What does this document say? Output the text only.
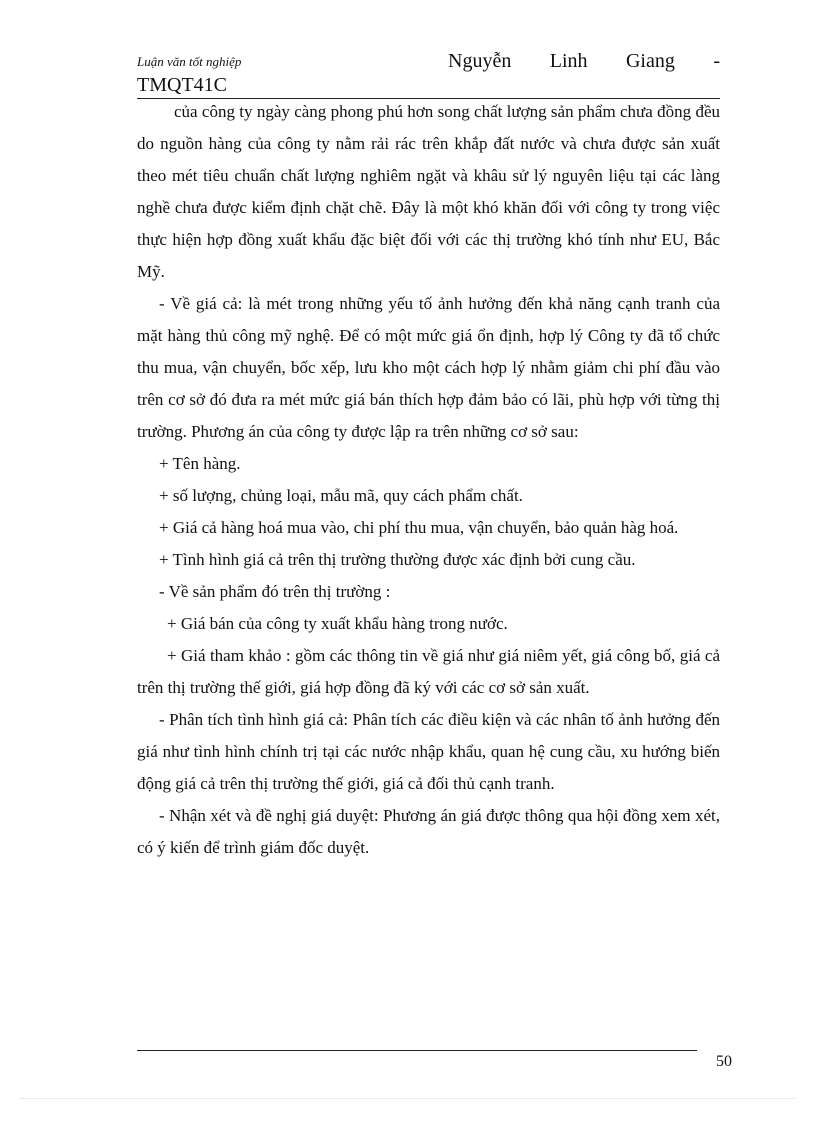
Luận văn tốt nghiệp	Nguyễn Linh Giang -
TMQT41C

của công ty ngày càng phong phú hơn song chất lượng sản phẩm chưa đồng đều do nguồn hàng của công ty nằm rải rác trên khắp đất nước và chưa được sản xuất theo mét tiêu chuẩn chất lượng nghiêm ngặt và khâu sử lý nguyên liệu tại các làng nghề chưa được kiểm định chặt chẽ. Đây là một khó khăn đối với công ty trong việc thực hiện hợp đồng xuất khẩu đặc biệt đối với các thị trường khó tính như EU, Bắc Mỹ.

- Về giá cả: là mét trong những yếu tố ảnh hưởng đến khả năng cạnh tranh của mặt hàng thủ công mỹ nghệ. Để có một mức giá ổn định, hợp lý Công ty đã tổ chức thu mua, vận chuyển, bốc xếp, lưu kho một cách hợp lý nhằm giảm chi phí đầu vào trên cơ sở đó đưa ra mét mức giá bán thích hợp đảm bảo có lãi, phù hợp với từng thị trường. Phương án của công ty được lập ra trên những cơ sở sau:

+ Tên hàng.

+ số lượng, chủng loại, mẫu mã, quy cách phẩm chất.

+ Giá cả hàng hoá mua vào, chi phí thu mua, vận chuyển, bảo quản hàg hoá.

+ Tình hình giá cả trên thị trường thường được xác định bởi cung cầu.

- Về sản phẩm đó trên thị trường :

+ Giá bán của công ty xuất khẩu hàng trong nước.

+ Giá tham khảo : gồm các thông tin về giá như giá niêm yết, giá công bố, giá cả trên thị trường thế giới, giá hợp đồng đã ký với các cơ sở sản xuất.

- Phân tích tình hình giá cả: Phân tích các điều kiện và các nhân tố ảnh hưởng đến giá như tình hình chính trị tại các nước nhập khẩu, quan hệ cung cầu, xu hướng biến động giá cả trên thị trường thế giới, giá cả đối thủ cạnh tranh.

- Nhận xét và đề nghị giá duyệt: Phương án giá được thông qua hội đồng xem xét, có ý kiến để trình giám đốc duyệt.

50
